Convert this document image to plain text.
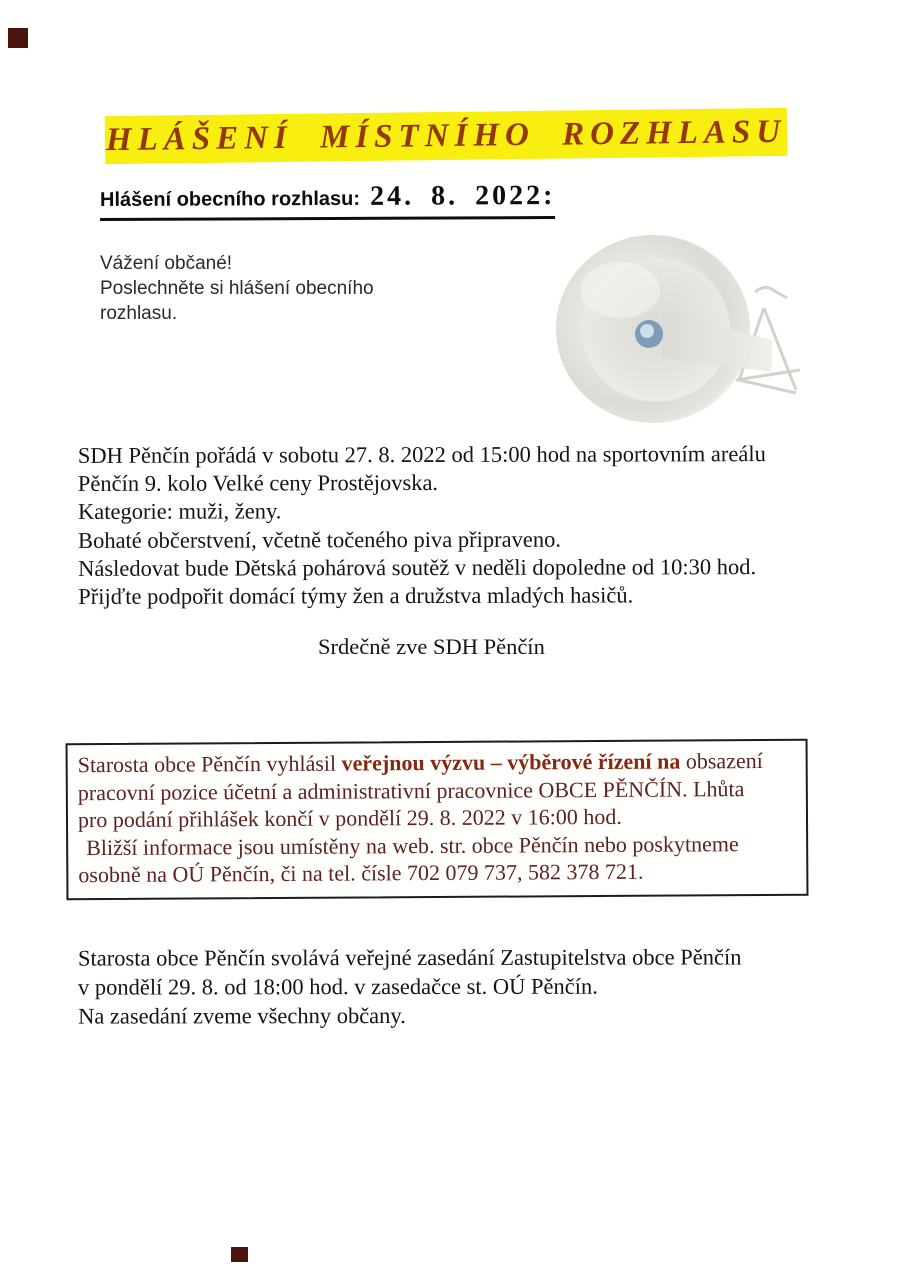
HLÁŠENÍ MÍSTNÍHO ROZHLASU
Hlášení obecního rozhlasu: 24. 8. 2022:
Vážení občané!
Poslechněte si hlášení obecního
rozhlasu.
SDH Pěnčín pořádá v sobotu 27. 8. 2022 od 15:00 hod na sportovním areálu
Pěnčín 9. kolo Velké ceny Prostějovska.
Kategorie: muži, ženy.
Bohaté občerstvení, včetně točeného piva připraveno.
Následovat bude Dětská pohárová soutěž v neděli dopoledne od 10:30 hod.
Přijďte podpořit domácí týmy žen a družstva mladých hasičů.
Srdečně zve SDH Pěnčín
Starosta obce Pěnčín vyhlásil veřejnou výzvu – výběrové řízení na obsazení
pracovní pozice účetní a administrativní pracovnice OBCE PĚNČÍN. Lhůta
pro podání přihlášek končí v pondělí 29. 8. 2022 v 16:00 hod.
Bližší informace jsou umístěny na web. str. obce Pěnčín nebo poskytneme
osobně na OÚ Pěnčín, či na tel. čísle 702 079 737, 582 378 721.
Starosta obce Pěnčín svolává veřejné zasedání Zastupitelstva obce Pěnčín
v pondělí 29. 8. od 18:00 hod. v zasedačce st. OÚ Pěnčín.
Na zasedání zveme všechny občany.
